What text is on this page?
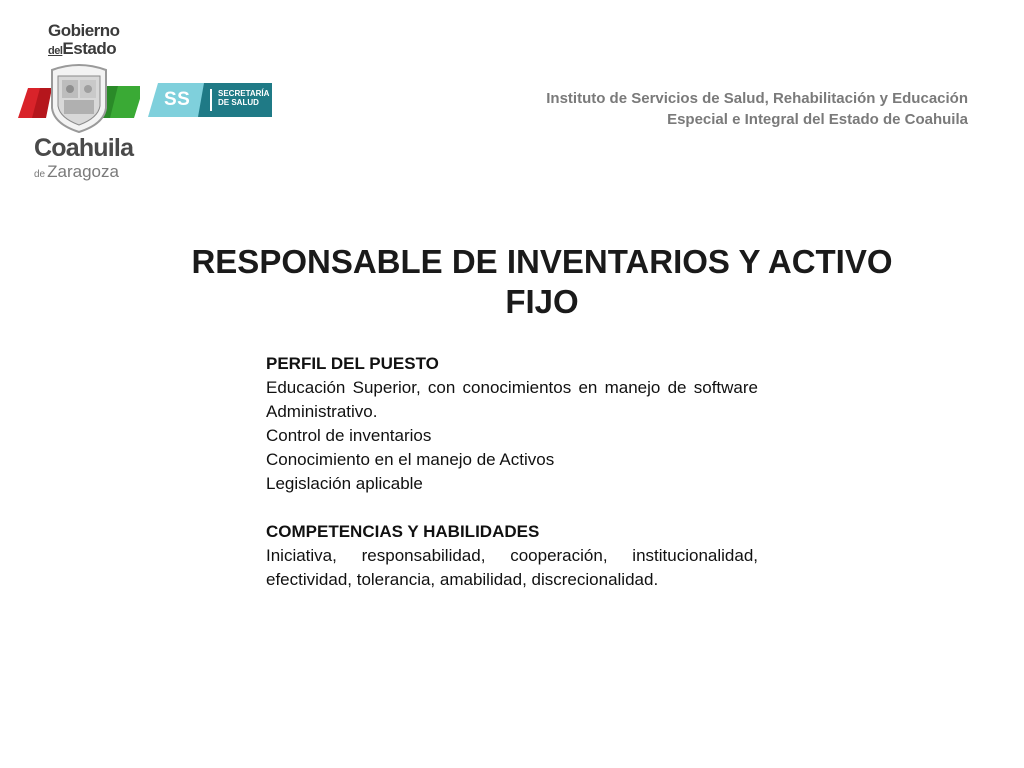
Gobierno
delEstado
Coahuila
de Zaragoza
SS	SECRETARÍA
DE SALUD	Instituto de Servicios de Salud, Rehabilitación y Educación
Especial e Integral del Estado de Coahuila
RESPONSABLE DE INVENTARIOS Y ACTIVO
FIJO
PERFIL DEL PUESTO
Educación Superior, con conocimientos en manejo de software Administrativo.
Control de inventarios
Conocimiento en el manejo de Activos
Legislación aplicable
COMPETENCIAS Y HABILIDADES
Iniciativa, responsabilidad, cooperación, institucionalidad, efectividad, tolerancia, amabilidad, discrecionalidad.
